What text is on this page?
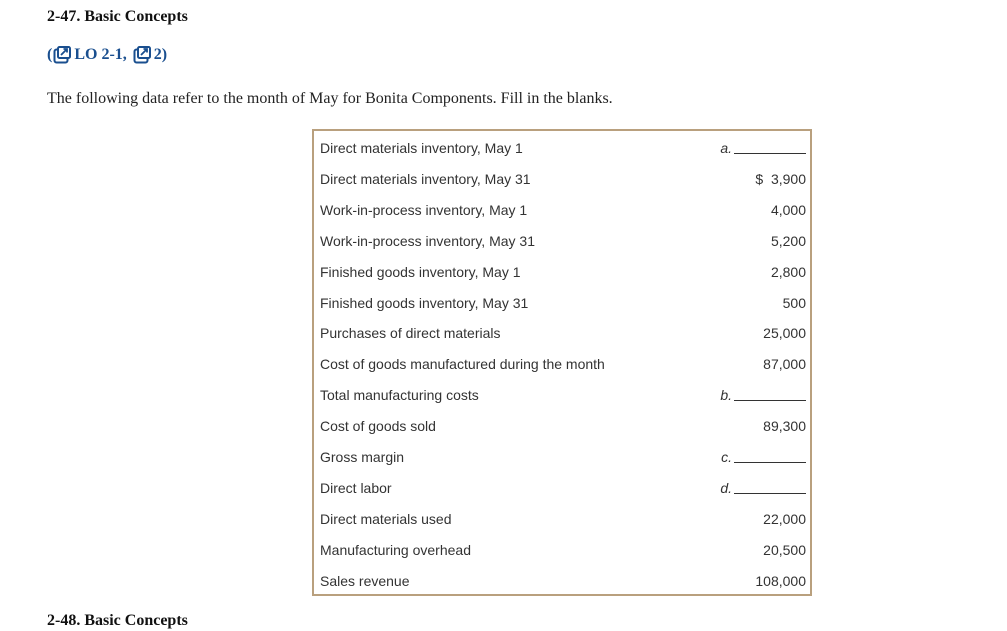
2-47. Basic Concepts
(	LO 2-1,	2 )
The following data refer to the month of May for Bonita Components. Fill in the blanks.
Direct materials inventory, May 1	a.
Direct materials inventory, May 31	$  3,900
Work-in-process inventory, May 1	4,000
Work-in-process inventory, May 31	5,200
Finished goods inventory, May 1	2,800
Finished goods inventory, May 31	500
Purchases of direct materials	25,000
Cost of goods manufactured during the month	87,000
Total manufacturing costs	b.
Cost of goods sold	89,300
Gross margin	c.
Direct labor	d.
Direct materials used	22,000
Manufacturing overhead	20,500
Sales revenue	108,000
2-48. Basic Concepts
